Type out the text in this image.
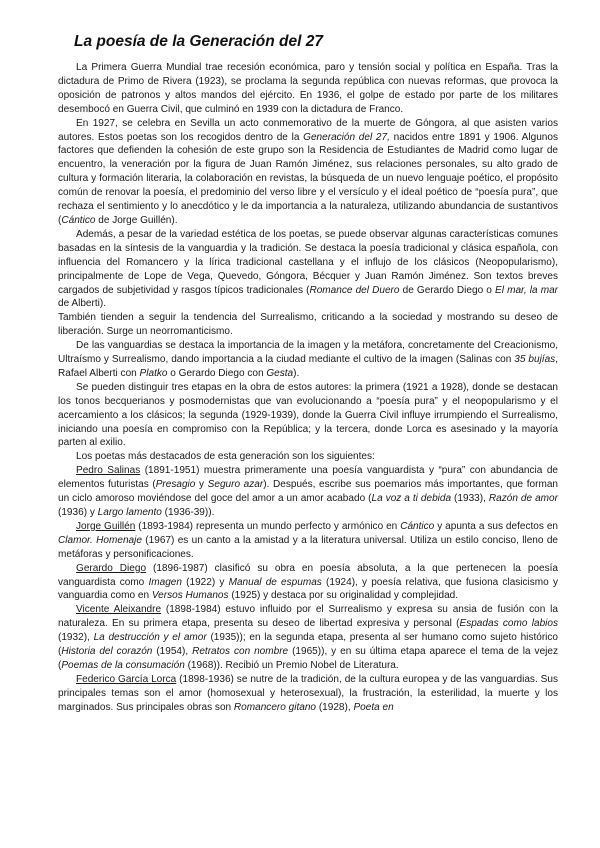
La poesía de la Generación del 27

La Primera Guerra Mundial trae recesión económica, paro y tensión social y política en España. Tras la dictadura de Primo de Rivera (1923), se proclama la segunda república con nuevas reformas, que provoca la oposición de patronos y altos mandos del ejército. En 1936, el golpe de estado por parte de los militares desembocó en Guerra Civil, que culminó en 1939 con la dictadura de Franco.

En 1927, se celebra en Sevilla un acto conmemorativo de la muerte de Góngora, al que asisten varios autores. Estos poetas son los recogidos dentro de la Generación del 27, nacidos entre 1891 y 1906. Algunos factores que defienden la cohesión de este grupo son la Residencia de Estudiantes de Madrid como lugar de encuentro, la veneración por la figura de Juan Ramón Jiménez, sus relaciones personales, su alto grado de cultura y formación literaria, la colaboración en revistas, la búsqueda de un nuevo lenguaje poético, el propósito común de renovar la poesía, el predominio del verso libre y el versículo y el ideal poético de “poesía pura”, que rechaza el sentimiento y lo anecdótico y le da importancia a la naturaleza, utilizando abundancia de sustantivos (Cántico de Jorge Guillén).

Además, a pesar de la variedad estética de los poetas, se puede observar algunas características comunes basadas en la síntesis de la vanguardia y la tradición. Se destaca la poesía tradicional y clásica española, con influencia del Romancero y la lírica tradicional castellana y el influjo de los clásicos (Neopopularismo), principalmente de Lope de Vega, Quevedo, Góngora, Bécquer y Juan Ramón Jiménez. Son textos breves cargados de subjetividad y rasgos típicos tradicionales (Romance del Duero de Gerardo Diego o El mar, la mar de Alberti).

También tienden a seguir la tendencia del Surrealismo, criticando a la sociedad y mostrando su deseo de liberación. Surge un neorromanticismo.

De las vanguardias se destaca la importancia de la imagen y la metáfora, concretamente del Creacionismo, Ultraísmo y Surrealismo, dando importancia a la ciudad mediante el cultivo de la imagen (Salinas con 35 bujías, Rafael Alberti con Platko o Gerardo Diego con Gesta).

Se pueden distinguir tres etapas en la obra de estos autores: la primera (1921 a 1928), donde se destacan los tonos becquerianos y posmodernistas que van evolucionando a “poesía pura” y el neopopularismo y el acercamiento a los clásicos; la segunda (1929-1939), donde la Guerra Civil influye irrumpiendo el Surrealismo, iniciando una poesía en compromiso con la República; y la tercera, donde Lorca es asesinado y la mayoría parten al exilio.

Los poetas más destacados de esta generación son los siguientes:

Pedro Salinas (1891-1951) muestra primeramente una poesía vanguardista y “pura” con abundancia de elementos futuristas (Presagio y Seguro azar). Después, escribe sus poemarios más importantes, que forman un ciclo amoroso moviéndose del goce del amor a un amor acabado (La voz a ti debida (1933), Razón de amor (1936) y Largo lamento (1936-39)).

Jorge Guillén (1893-1984) representa un mundo perfecto y armónico en Cántico y apunta a sus defectos en Clamor. Homenaje (1967) es un canto a la amistad y a la literatura universal. Utiliza un estilo conciso, lleno de metáforas y personificaciones.

Gerardo Diego (1896-1987) clasificó su obra en poesía absoluta, a la que pertenecen la poesía vanguardista como Imagen (1922) y Manual de espumas (1924), y poesía relativa, que fusiona clasicismo y vanguardia como en Versos Humanos (1925) y destaca por su originalidad y complejidad.

Vicente Aleixandre (1898-1984) estuvo influido por el Surrealismo y expresa su ansia de fusión con la naturaleza. En su primera etapa, presenta su deseo de libertad expresiva y personal (Espadas como labios (1932), La destrucción y el amor (1935)); en la segunda etapa, presenta al ser humano como sujeto histórico (Historia del corazón (1954), Retratos con nombre (1965)), y en su última etapa aparece el tema de la vejez (Poemas de la consumación (1968)). Recibió un Premio Nobel de Literatura.

Federico García Lorca (1898-1936) se nutre de la tradición, de la cultura europea y de las vanguardias. Sus principales temas son el amor (homosexual y heterosexual), la frustración, la esterilidad, la muerte y los marginados. Sus principales obras son Romancero gitano (1928), Poeta en
